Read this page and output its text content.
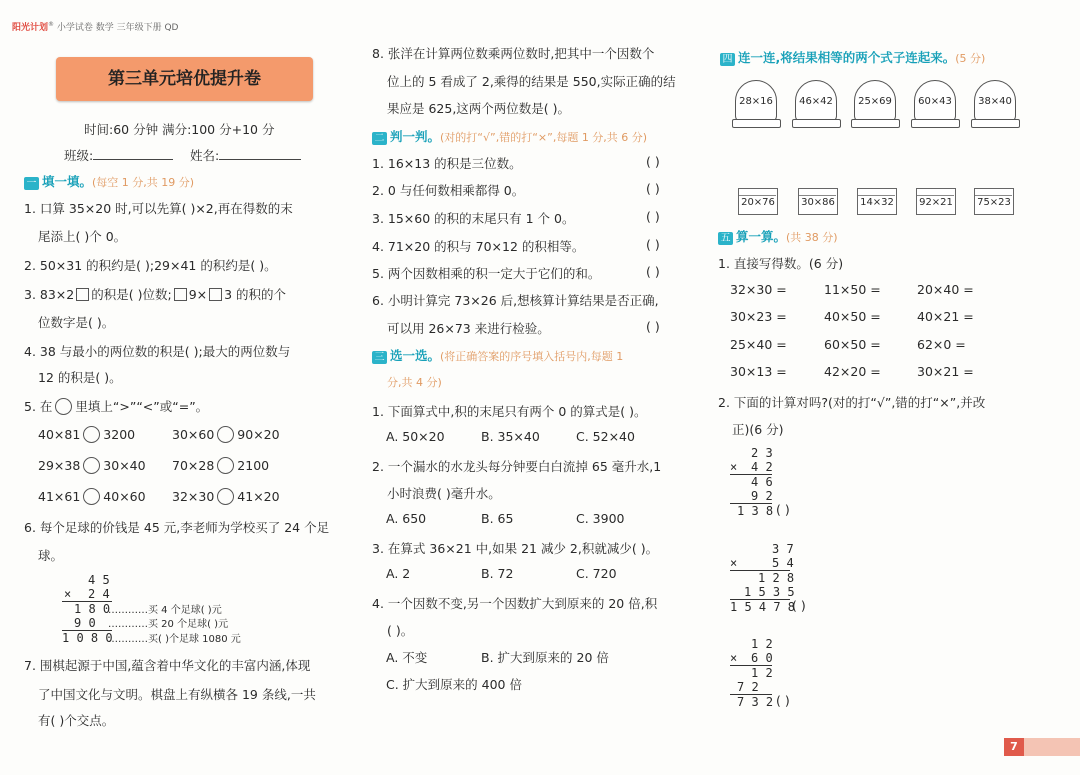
阳光计划® 小学试卷 数学 三年级下册 QD
第三单元培优提升卷
时间:60 分钟 满分:100 分+10 分
班级:	姓名:
一 填一填。(每空 1 分,共 19 分)
1. 口算 35×20 时,可以先算( )×2,再在得数的末
尾添上( )个 0。
2. 50×31 的积约是( );29×41 的积约是( )。
3. 83×2 的积是( )位数; 9× 3 的积的个
位数字是( )。
4. 38 与最小的两位数的积是( );最大的两位数与
12 的积是( )。
5. 在 里填上“>”“<”或“=”。
40×81 3200	30×60 90×20
29×38 30×40 70×28 2100
41×61 40×60 32×30 41×20
6. 每个足球的价钱是 45 元,李老师为学校买了 24 个足
球。
4 5
× 2 4
1 8 0
…………买 4 个足球( )元
9 0 …………买 20 个足球( )元
1 0 8 0
…………买( )个足球 1080 元
7. 围棋起源于中国,蕴含着中华文化的丰富内涵,体现
了中国文化与文明。棋盘上有纵横各 19 条线,一共
有( )个交点。
8. 张洋在计算两位数乘两位数时,把其中一个因数个
位上的 5 看成了 2,乘得的结果是 550,实际正确的结
果应是 625,这两个两位数是( )。
二 判一判。(对的打“√”,错的打“×”,每题 1 分,共 6 分)
1. 16×13 的积是三位数。	( )
2. 0 与任何数相乘都得 0。	( )
3. 15×60 的积的末尾只有 1 个 0。	( )
4. 71×20 的积与 70×12 的积相等。	( )
5. 两个因数相乘的积一定大于它们的和。	( )
6. 小明计算完 73×26 后,想核算计算结果是否正确,
可以用 26×73 来进行检验。	( )
三 选一选。(将正确答案的序号填入括号内,每题 1
分,共 4 分)
1. 下面算式中,积的末尾只有两个 0 的算式是( )。
A. 50×20	B. 35×40	C. 52×40
2. 一个漏水的水龙头每分钟要白白流掉 65 毫升水,1
小时浪费( )毫升水。
A. 650	B. 65	C. 3900
3. 在算式 36×21 中,如果 21 减少 2,积就减少( )。
A. 2	B. 72	C. 720
4. 一个因数不变,另一个因数扩大到原来的 20 倍,积
( )。
A. 不变	B. 扩大到原来的 20 倍
C. 扩大到原来的 400 倍
四 连一连,将结果相等的两个式子连起来。(5 分)
28×16	46×42	25×69	60×43	38×40
20×76	30×86	14×32	92×21	75×23
五 算一算。(共 38 分)
1. 直接写得数。(6 分)
32×30 =	11×50 =	20×40 =
30×23 =	40×50 =	40×21 =
25×40 =	60×50 =	62×0 =
30×13 =	42×20 =	30×21 =
2. 下面的计算对吗?(对的打“√”,错的打“×”,并改
正)(6 分)
2 3
× 4 2
4 6
9 2
1 3 8 ( )
3 7
×	5 4
1 2 8
1 5 3 5
1 5 4 7 8
( )
1 2
× 6 0
1 2
7 2
7 3 2 ( )
7
